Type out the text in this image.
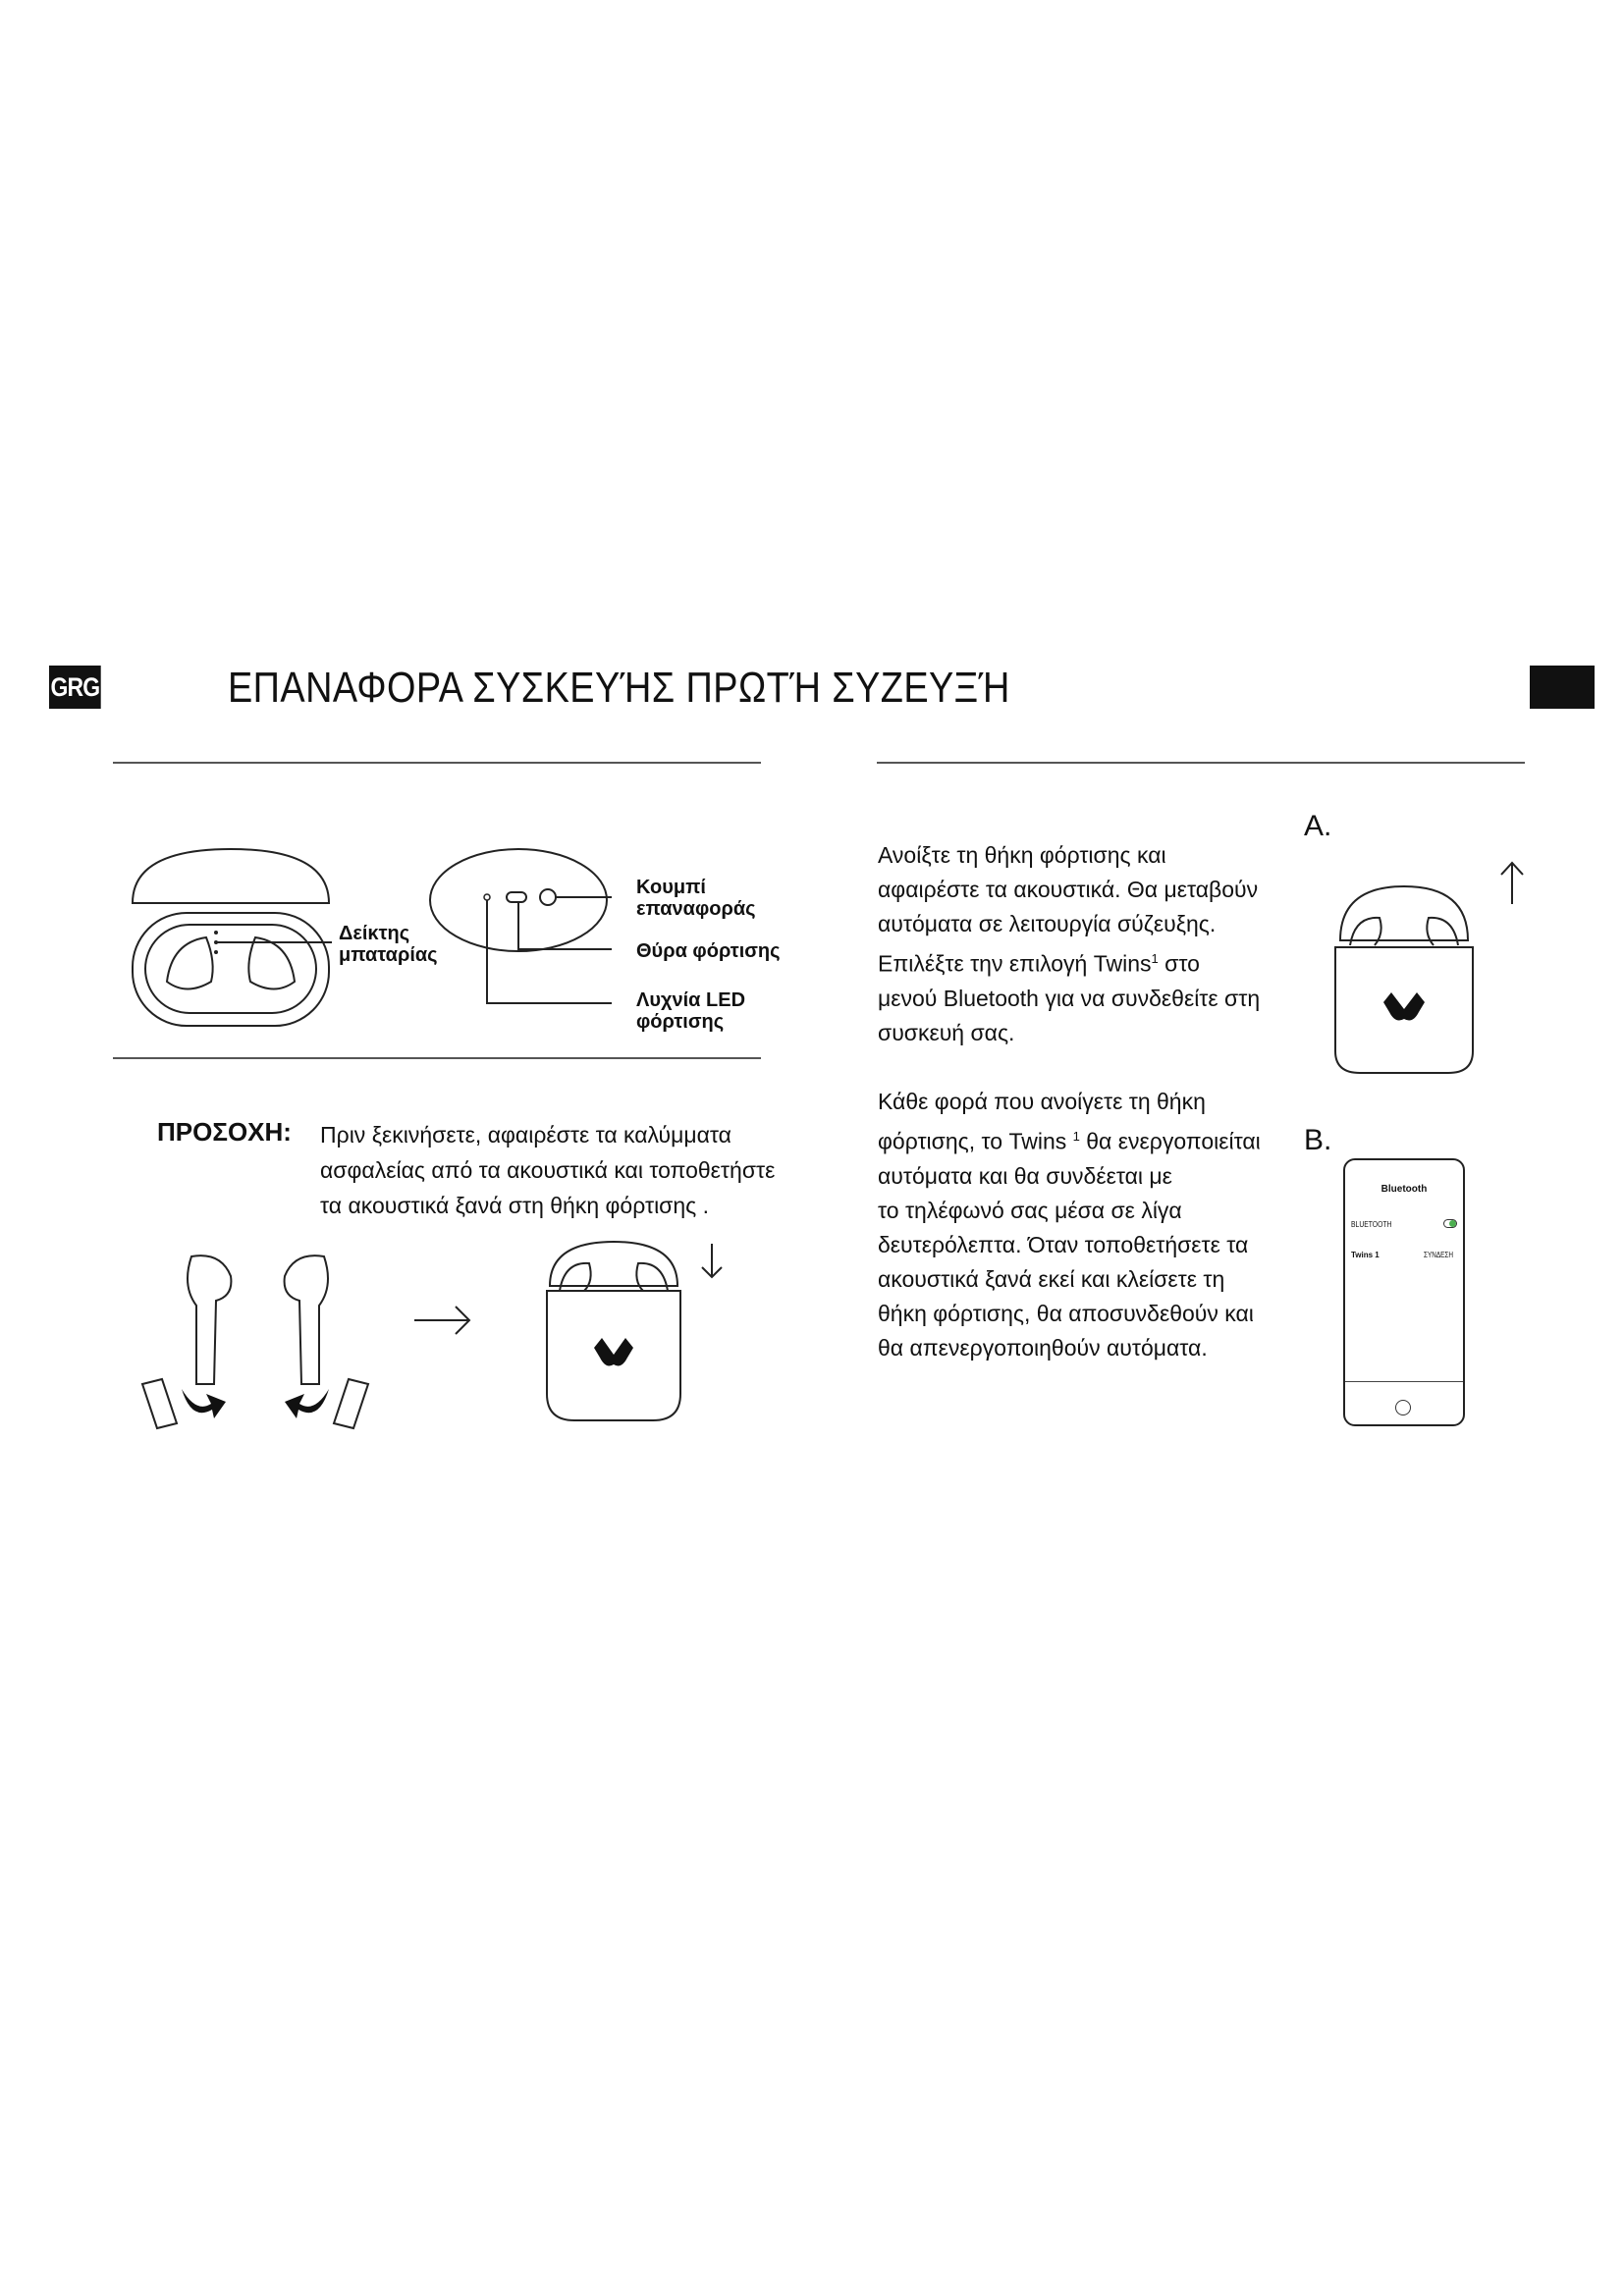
GRG	ΕΠΑΝΑΦΟΡΑ ΣΥΣΚΕΥΉΣ ΠΡΩΤΉ ΣΥΖΕΥΞΉ
Δείκτης
μπαταρίας
Κουμπί
επαναφοράς
Θύρα φόρτισης
Λυχνία LED
φόρτισης
ΠΡΟΣΟΧΗ: Πριν ξεκινήσετε, αφαιρέστε τα καλύμματα
ασφαλείας από τα ακουστικά και τοποθετήστε
τα ακουστικά ξανά στη θήκη φόρτισης .
Ανοίξτε τη θήκη φόρτισης και
αφαιρέστε τα ακουστικά. Θα μεταβούν
αυτόματα σε λειτουργία σύζευξης.
Επιλέξτε την επιλογή Twins$^1$ στο
μενού Bluetooth για να συνδεθείτε στη
συσκευή σας.
Κάθε φορά που ανοίγετε τη θήκη
φόρτισης, το Twins $^1$ θα ενεργοποιείται
αυτόματα και θα συνδέεται με
το τηλέφωνό σας μέσα σε λίγα
δευτερόλεπτα. Όταν τοποθετήσετε τα
ακουστικά ξανά εκεί και κλείσετε τη
θήκη φόρτισης, θα αποσυνδεθούν και
θα απενεργοποιηθούν αυτόματα.
A.
B.
Bluetooth
BLUETOOTH
Twins 1	ΣΥΝΔΕΣΗ
